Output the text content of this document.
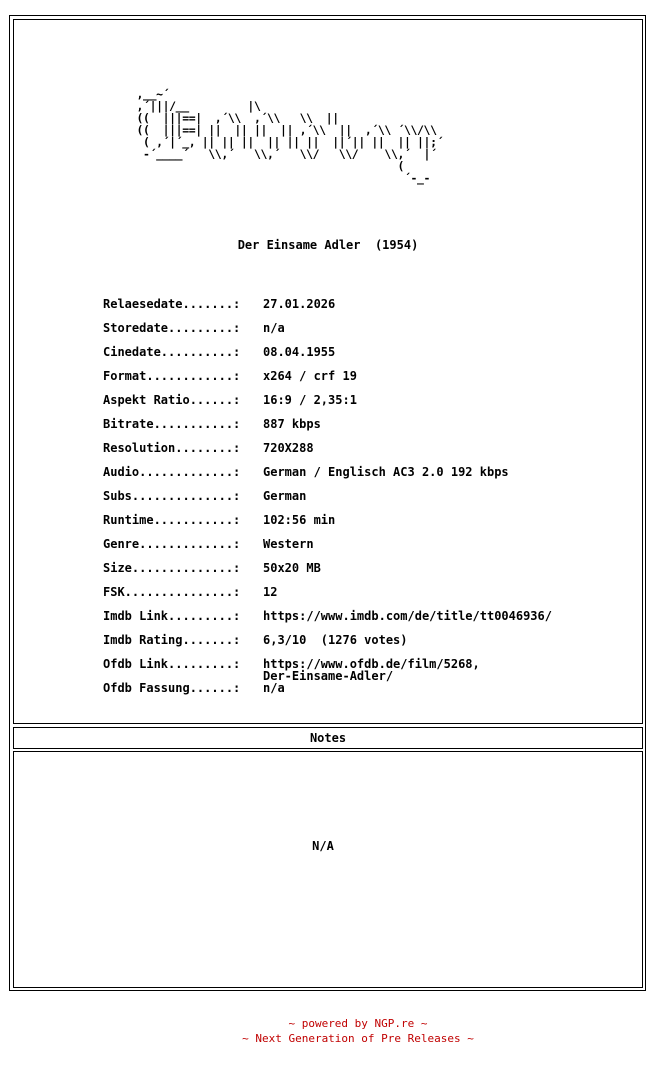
,__~´
,´|||/__         |\
((  |||==|  ,´\\  ,´\\   \\  ||
((  |||==| ||  || ||  || ,´\\  ||  ,´\\ ´\\/\\
( ,´|´_, || || ||  || || ||  ||´|| ||  || ||;´
-´____´   \\,´   \\,´   \\/   \\/    \\,´  |´
(
´-_-
Der Einsame Adler  (1954)
Relaesedate.......: 27.01.2026
Storedate.........: n/a
Cinedate..........: 08.04.1955
Format............: x264 / crf 19
Aspekt Ratio......: 16:9 / 2,35:1
Bitrate...........: 887 kbps
Resolution........: 720X288
Audio.............: German / Englisch AC3 2.0 192 kbps
Subs..............: German
Runtime...........: 102:56 min
Genre.............: Western
Size..............: 50x20 MB
FSK...............: 12
Imdb Link.........: https://www.imdb.com/de/title/tt0046936/
Imdb Rating.......: 6,3/10  (1276 votes)
Ofdb Link.........: https://www.ofdb.de/film/5268,
Der-Einsame-Adler/
Ofdb Fassung......: n/a
Notes
N/A
~ powered by NGP.re ~
~ Next Generation of Pre Releases ~
